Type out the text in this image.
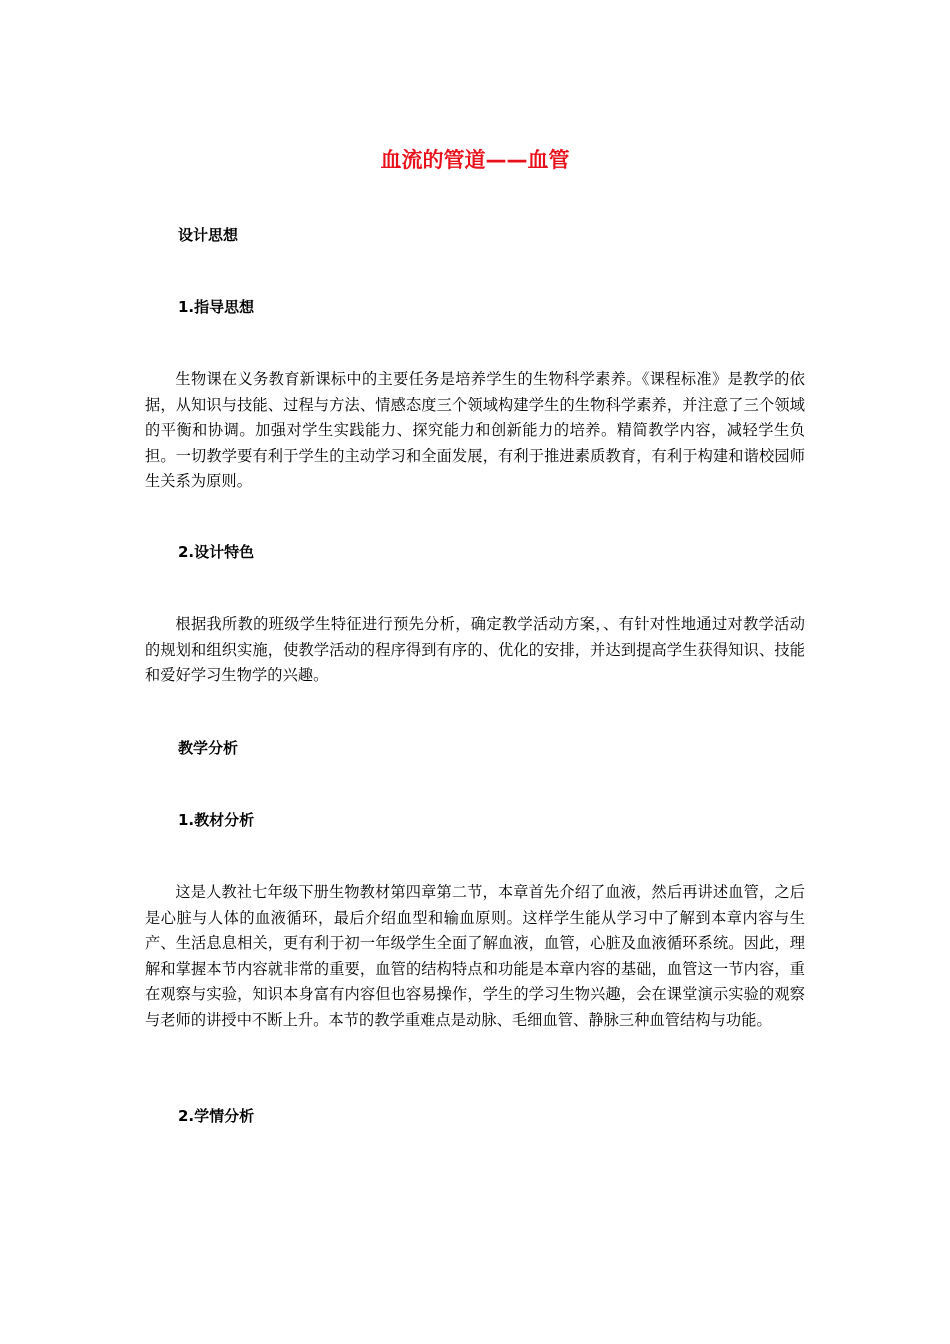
血流的管道——血管
设计思想
1.指导思想

生物课在义务教育新课标中的主要任务是培养学生的生物科学素养。《课程标准》是教学的依据，从知识与技能、过程与方法、情感态度三个领域构建学生的生物科学素养，并注意了三个领域的平衡和协调。加强对学生实践能力、探究能力和创新能力的培养。精简教学内容，减轻学生负担。一切教学要有利于学生的主动学习和全面发展，有利于推进素质教育，有利于构建和谐校园师生关系为原则。

2.设计特色

根据我所教的班级学生特征进行预先分析，确定教学活动方案，、有针对性地通过对教学活动的规划和组织实施，使教学活动的程序得到有序的、优化的安排，并达到提高学生获得知识、技能和爱好学习生物学的兴趣。

教学分析
1.教材分析

这是人教社七年级下册生物教材第四章第二节，本章首先介绍了血液，然后再讲述血管，之后是心脏与人体的血液循环，最后介绍血型和输血原则。这样学生能从学习中了解到本章内容与生产、生活息息相关，更有利于初一年级学生全面了解血液，血管，心脏及血液循环系统。因此，理解和掌握本节内容就非常的重要，血管的结构特点和功能是本章内容的基础，血管这一节内容，重在观察与实验，知识本身富有内容但也容易操作，学生的学习生物兴趣，会在课堂演示实验的观察与老师的讲授中不断上升。本节的教学重难点是动脉、毛细血管、静脉三种血管结构与功能。

2.学情分析
